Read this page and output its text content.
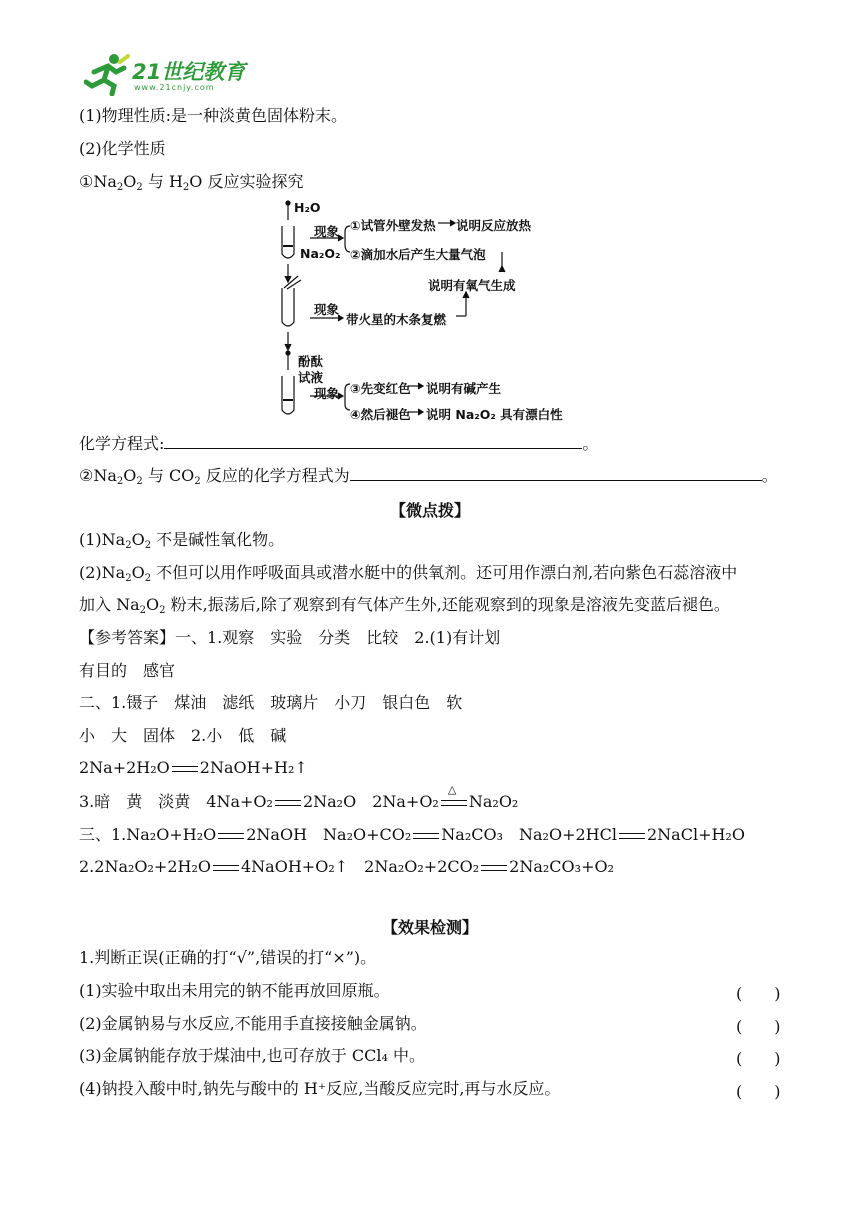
21世纪教育
www.21cnjy.com
(1)物理性质:是一种淡黄色固体粉末。
(2)化学性质
$①Na_2O_2$ 与 $H_2O$ 反应实验探究
H₂O
Na₂O₂
现象 ①试管外壁发热 说明反应放热
②滴加水后产生大量气泡
说明有氧气生成
现象
带火星的木条复燃
酚酞
试液
现象 ③先变红色 说明有碱产生
④然后褪色 说明 Na₂O₂ 具有漂白性
化学方程式:	。
$②Na_2O_2$ 与 $CO_2$ 反应的化学方程式为	。
【微点拨】
$(1)Na_2O_2$ 不是碱性氧化物。
$(2)Na_2O_2$ 不但可以用作呼吸面具或潜水艇中的供氧剂。还可用作漂白剂,若向紫色石蕊溶液中
加入 $Na_2O_2$ 粉末,振荡后,除了观察到有气体产生外,还能观察到的现象是溶液先变蓝后褪色。
【参考答案】一、1.观察　实验　分类　比较　2.(1)有计划
有目的　感官
二、1.镊子　煤油　滤纸　玻璃片　小刀　银白色　软
小　大　固体　2.小　低　碱
2Na+2H₂O 2NaOH+H₂↑
3.暗　黄　淡黄　4Na+O₂ 2Na₂O　2Na+O₂
△
Na₂O₂
三、1.Na₂O+H₂O 2NaOH　Na₂O+CO₂ Na₂CO₃　Na₂O+2HCl 2NaCl+H₂O
2.2Na₂O₂+2H₂O 4NaOH+O₂↑　2Na₂O₂+2CO₂ 2Na₂CO₃+O₂
【效果检测】
1.判断正误(正确的打“√”,错误的打“×”)。
(1)实验中取出未用完的钠不能再放回原瓶。	(　　)
(2)金属钠易与水反应,不能用手直接接触金属钠。	(　　)
(3)金属钠能存放于煤油中,也可存放于 CCl₄ 中。	(　　)
(4)钠投入酸中时,钠先与酸中的 H⁺反应,当酸反应完时,再与水反应。	(　　)
